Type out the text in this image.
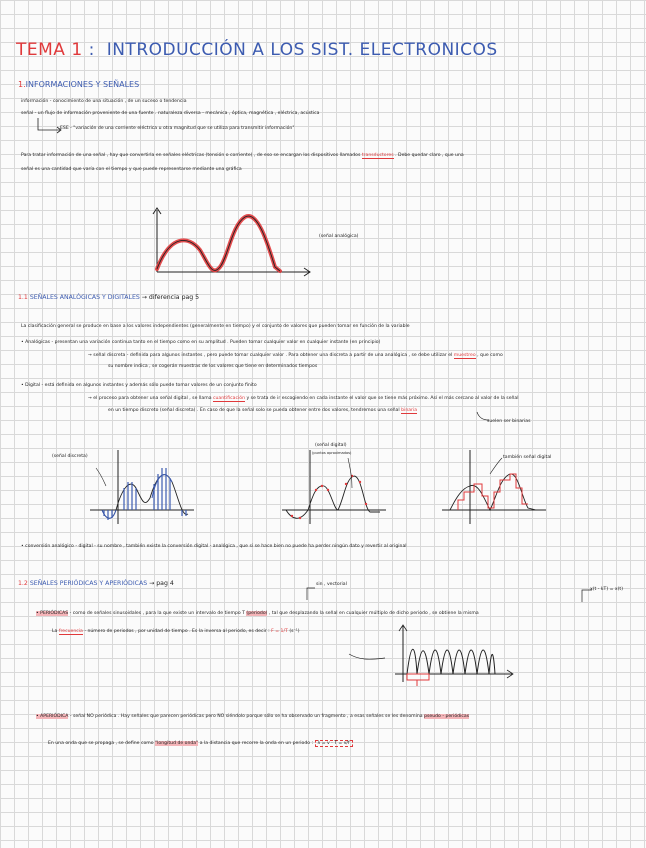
TEMA 1 : INTRODUCCIÓN A LOS SIST. ELECTRONICOS
1.INFORMACIONES Y SEÑALES
información - conocimiento de una situación , de un suceso o tendencia
señal - un flujo de información proveniente de una fuente . naturaleza diversa - mecánica , óptica, magnética , eléctrica, acústica
ESE - "variación de una corriente eléctrica u otra magnitud que se utiliza para transmitir información"
Para tratar información de una señal , hay que convertirla en señales eléctricas (tensión o corriente) , de eso se encargan los dispositivos llamados transductores . Debe quedar claro , que una
señal es una cantidad que varía con el tiempo y que puede representarse mediante una gráfica
(señal analógica)
1.1 SEÑALES ANALÓGICAS Y DIGITALES → diferencia pag 5
La clasificación general se produce en base a los valores independientes (generalmente en tiempo) y el conjunto de valores que pueden tomar en función de la variable
• Analógicas - presentan una variación continua tanto en el tiempo como en su amplitud . Pueden tomar cualquier valor en cualquier instante (en principio)
→ señal discreta - definida para algunos instantes , pero puede tomar cualquier valor . Para obtener una discreta a partir de una analógica , se debe utilizar el muestreo , que como
su nombre indica , se cogerán muestras de los valores que tiene en determinados tiempos
• Digital - está definida en algunos instantes y además sólo puede tomar valores de un conjunto finito
→ el proceso para obtener una señal digital , se llama cuantificación y se trata de ir escogiendo en cada instante el valor que se tiene más próximo. Así el más cercano al valor de la señal
en un tiempo discreto (señal discreta) . En caso de que la señal solo se pueda obtener entre dos valores, tendremos una señal binaria
suelen ser binarias
(señal discreta)
(señal digital)
(puntos aproximados)
también señal digital
• conversión analógico - digital - su nombre , también existe la conversión digital - analógica , que si se hace bien no puede ha perder ningún dato y revertir al original
1.2 SEÑALES PERIÓDICAS Y APERIÓDICAS → pag 4	sin , vectorial
x(t - kT) = x(t)
• PERIÓDICAS - como de señales sinusoidales , para la que existe un intervalo de tiempo T (periodo) , tal que desplazando la señal en cualquier múltiplo de dicho periodo , se obtiene la misma
La frecuencia - número de periodos , por unidad de tiempo . Es la inversa al periodo, es decir : F = 1/T (s⁻¹)
• APERIÓDICA - señal NO periódica . Hay señales que parecen periódicas pero NO siéndolo porque sólo se ha observado un fragmento , a esas señales se les denomina pseudo - periódicas
En una onda que se propaga , se define como "longitud de onda" a la distancia que recorre la onda en un periodo : λ = v · T = v/f
